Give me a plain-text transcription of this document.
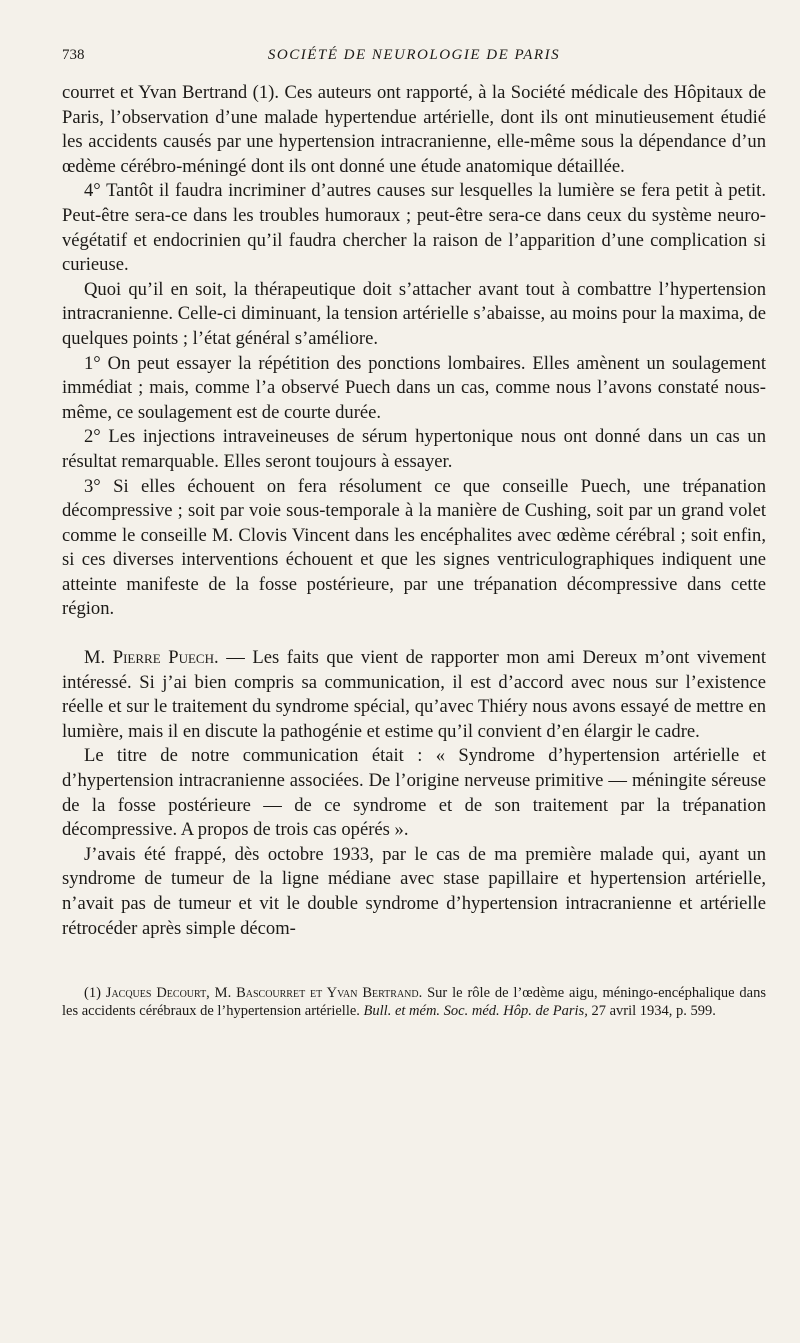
738	SOCIÉTÉ DE NEUROLOGIE DE PARIS

courret et Yvan Bertrand (1). Ces auteurs ont rapporté, à la Société médicale des Hôpitaux de Paris, l’observation d’une malade hypertendue artérielle, dont ils ont minutieusement étudié les accidents causés par une hypertension intracranienne, elle-même sous la dépendance d’un œdème cérébro-méningé dont ils ont donné une étude anatomique détaillée.

4° Tantôt il faudra incriminer d’autres causes sur lesquelles la lumière se fera petit à petit. Peut-être sera-ce dans les troubles humoraux ; peut-être sera-ce dans ceux du système neuro-végétatif et endocrinien qu’il faudra chercher la raison de l’apparition d’une complication si curieuse.

Quoi qu’il en soit, la thérapeutique doit s’attacher avant tout à combattre l’hypertension intracranienne. Celle-ci diminuant, la tension artérielle s’abaisse, au moins pour la maxima, de quelques points ; l’état général s’améliore.

1° On peut essayer la répétition des ponctions lombaires. Elles amènent un soulagement immédiat ; mais, comme l’a observé Puech dans un cas, comme nous l’avons constaté nous-même, ce soulagement est de courte durée.

2° Les injections intraveineuses de sérum hypertonique nous ont donné dans un cas un résultat remarquable. Elles seront toujours à essayer.

3° Si elles échouent on fera résolument ce que conseille Puech, une trépanation décompressive ; soit par voie sous-temporale à la manière de Cushing, soit par un grand volet comme le conseille M. Clovis Vincent dans les encéphalites avec œdème cérébral ; soit enfin, si ces diverses interventions échouent et que les signes ventriculographiques indiquent une atteinte manifeste de la fosse postérieure, par une trépanation décompressive dans cette région.

M. Pierre Puech. — Les faits que vient de rapporter mon ami Dereux m’ont vivement intéressé. Si j’ai bien compris sa communication, il est d’accord avec nous sur l’existence réelle et sur le traitement du syndrome spécial, qu’avec Thiéry nous avons essayé de mettre en lumière, mais il en discute la pathogénie et estime qu’il convient d’en élargir le cadre.

Le titre de notre communication était : « Syndrome d’hypertension artérielle et d’hypertension intracranienne associées. De l’origine nerveuse primitive — méningite séreuse de la fosse postérieure — de ce syndrome et de son traitement par la trépanation décompressive. A propos de trois cas opérés ».

J’avais été frappé, dès octobre 1933, par le cas de ma première malade qui, ayant un syndrome de tumeur de la ligne médiane avec stase papillaire et hypertension artérielle, n’avait pas de tumeur et vit le double syndrome d’hypertension intracranienne et artérielle rétrocéder après simple décom-

(1) Jacques Decourt, M. Bascourret et Yvan Bertrand. Sur le rôle de l’œdème aigu, méningo-encéphalique dans les accidents cérébraux de l’hypertension artérielle. Bull. et mém. Soc. méd. Hôp. de Paris, 27 avril 1934, p. 599.
